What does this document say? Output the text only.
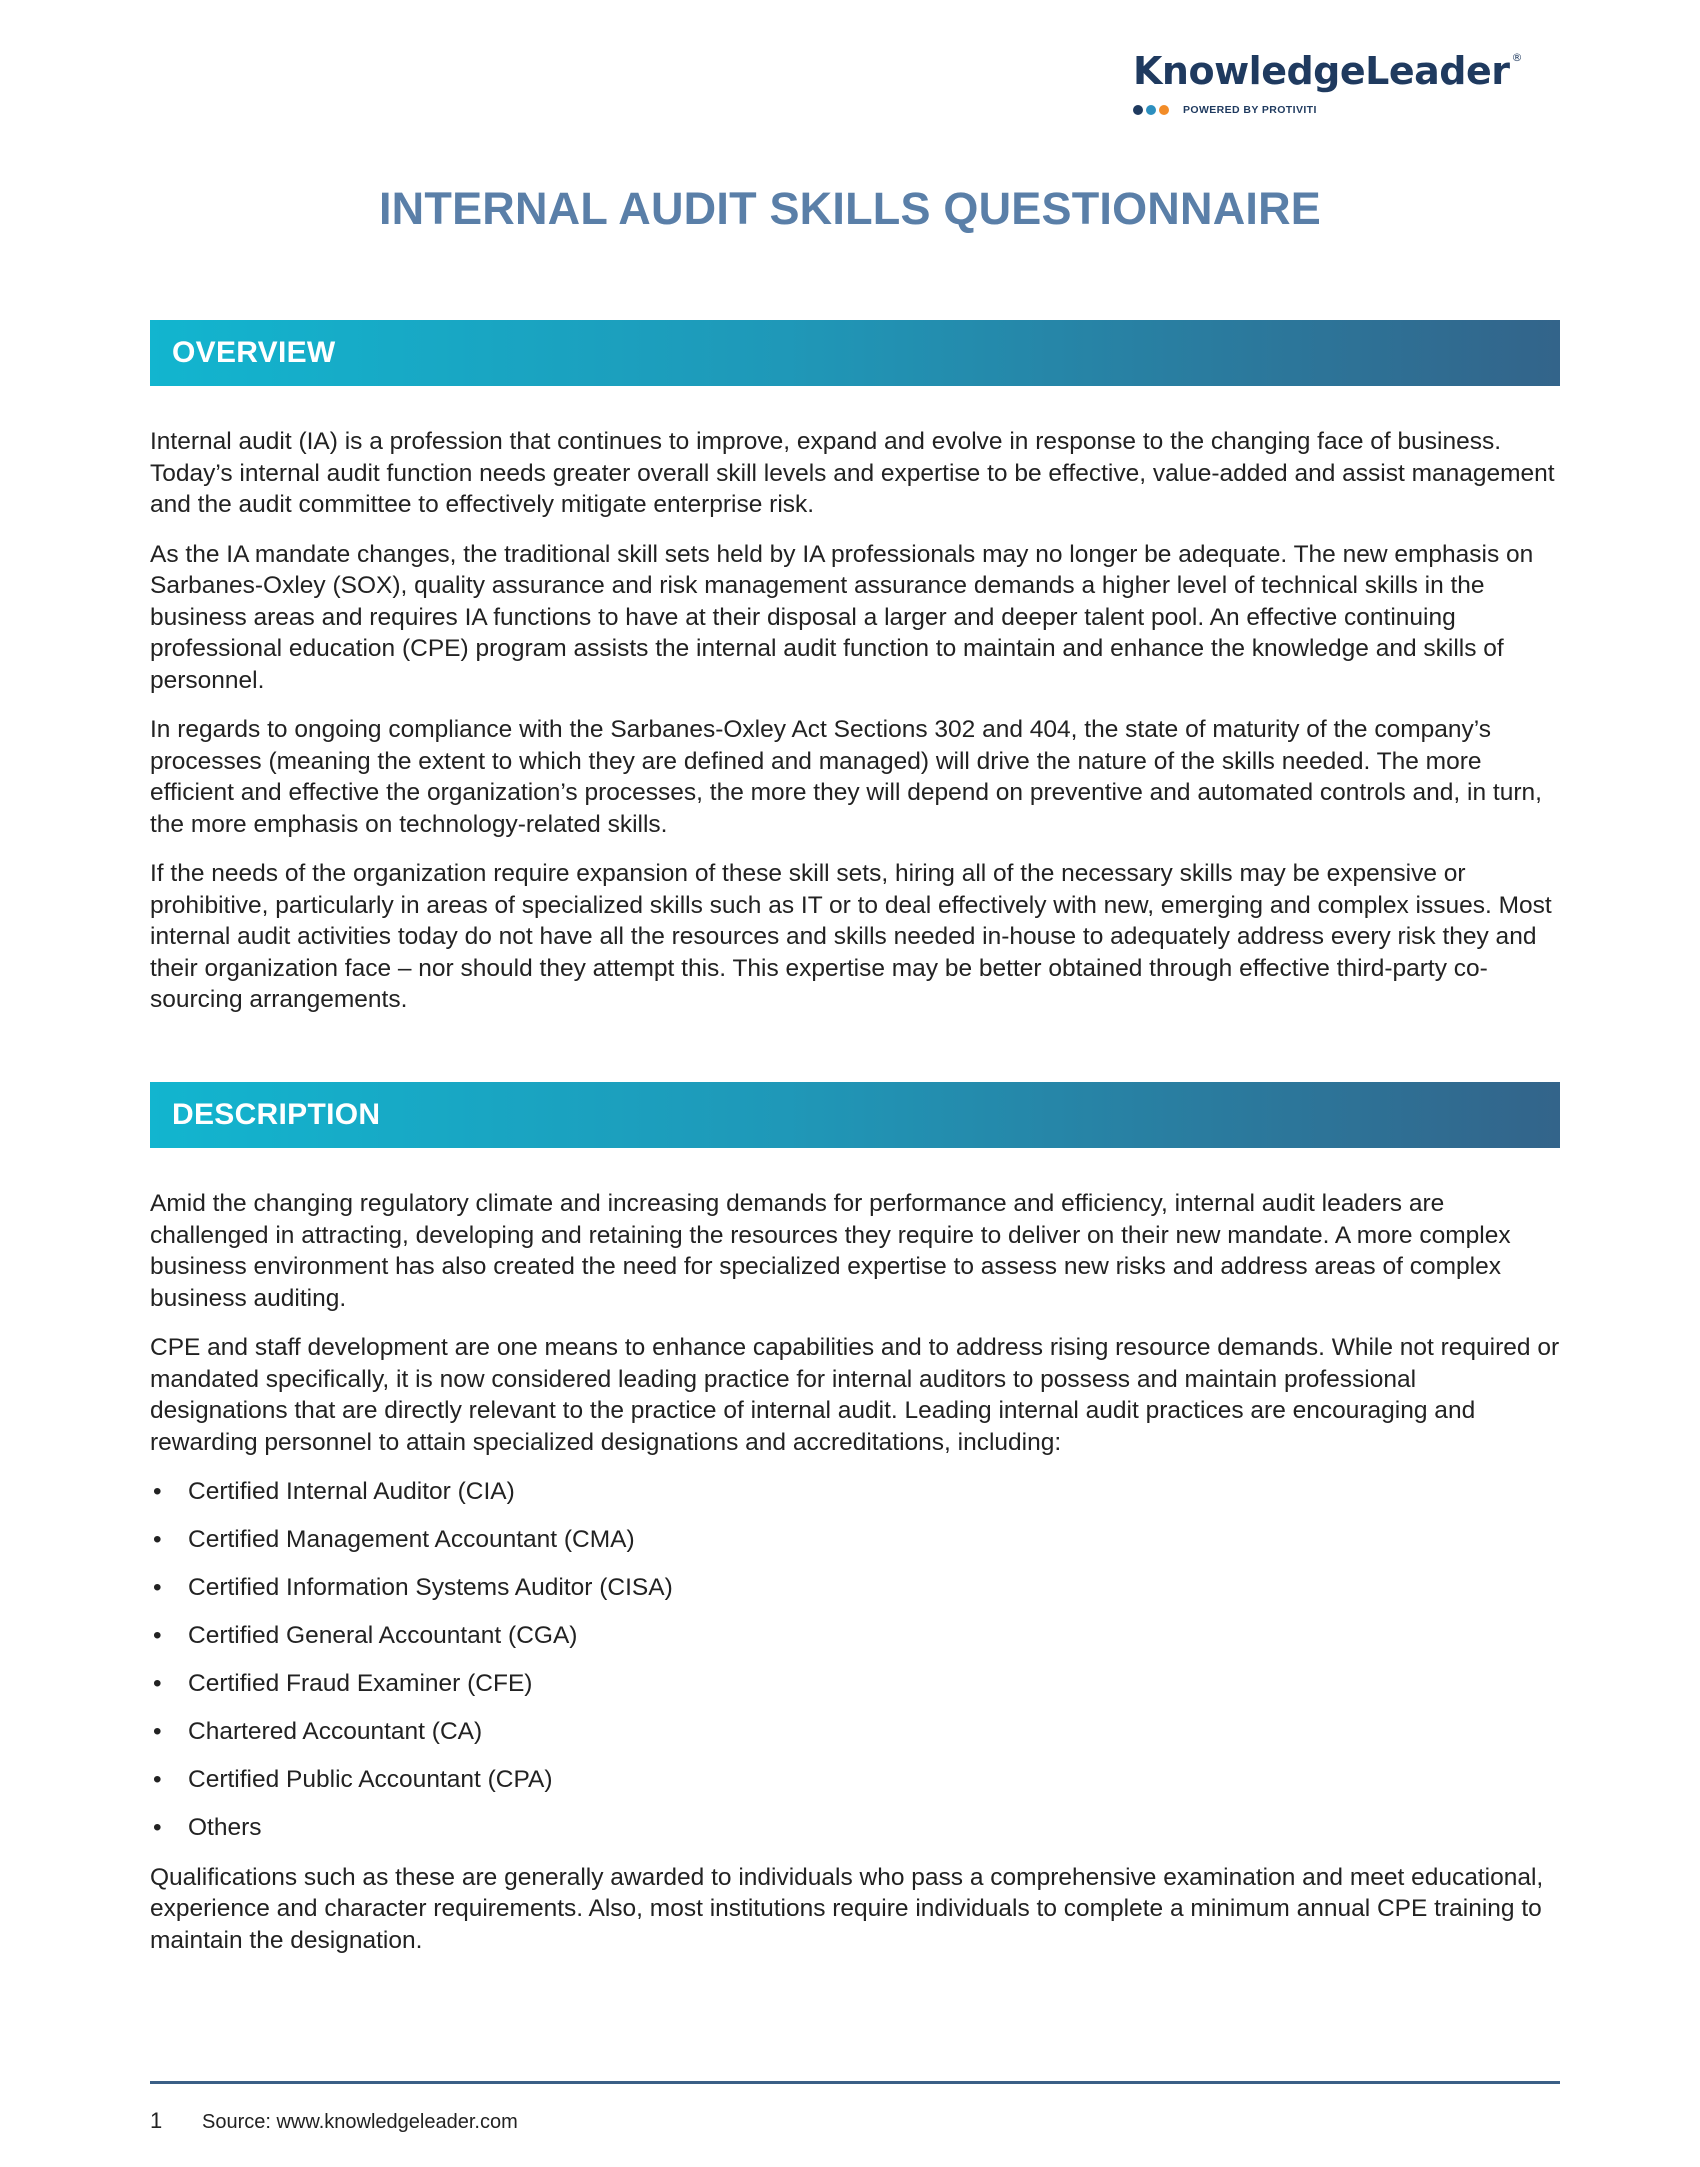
KnowledgeLeader ®
POWERED BY PROTIVITI
INTERNAL AUDIT SKILLS QUESTIONNAIRE
OVERVIEW

Internal audit (IA) is a profession that continues to improve, expand and evolve in response to the changing face of business. Today’s internal audit function needs greater overall skill levels and expertise to be effective, value-added and assist management and the audit committee to effectively mitigate enterprise risk.

As the IA mandate changes, the traditional skill sets held by IA professionals may no longer be adequate. The new emphasis on Sarbanes-Oxley (SOX), quality assurance and risk management assurance demands a higher level of technical skills in the business areas and requires IA functions to have at their disposal a larger and deeper talent pool. An effective continuing professional education (CPE) program assists the internal audit function to maintain and enhance the knowledge and skills of personnel.

In regards to ongoing compliance with the Sarbanes-Oxley Act Sections 302 and 404, the state of maturity of the company’s processes (meaning the extent to which they are defined and managed) will drive the nature of the skills needed. The more efficient and effective the organization’s processes, the more they will depend on preventive and automated controls and, in turn, the more emphasis on technology-related skills.

If the needs of the organization require expansion of these skill sets, hiring all of the necessary skills may be expensive or prohibitive, particularly in areas of specialized skills such as IT or to deal effectively with new, emerging and complex issues. Most internal audit activities today do not have all the resources and skills needed in-house to adequately address every risk they and their organization face – nor should they attempt this. This expertise may be better obtained through effective third-party co-sourcing arrangements.

DESCRIPTION

Amid the changing regulatory climate and increasing demands for performance and efficiency, internal audit leaders are challenged in attracting, developing and retaining the resources they require to deliver on their new mandate. A more complex business environment has also created the need for specialized expertise to assess new risks and address areas of complex business auditing.

CPE and staff development are one means to enhance capabilities and to address rising resource demands. While not required or mandated specifically, it is now considered leading practice for internal auditors to possess and maintain professional designations that are directly relevant to the practice of internal audit. Leading internal audit practices are encouraging and rewarding personnel to attain specialized designations and accreditations, including:

• Certified Internal Auditor (CIA)
• Certified Management Accountant (CMA)
• Certified Information Systems Auditor (CISA)
• Certified General Accountant (CGA)
• Certified Fraud Examiner (CFE)
• Chartered Accountant (CA)
• Certified Public Accountant (CPA)
• Others

Qualifications such as these are generally awarded to individuals who pass a comprehensive examination and meet educational, experience and character requirements. Also, most institutions require individuals to complete a minimum annual CPE training to maintain the designation.

1	Source: www.knowledgeleader.com
